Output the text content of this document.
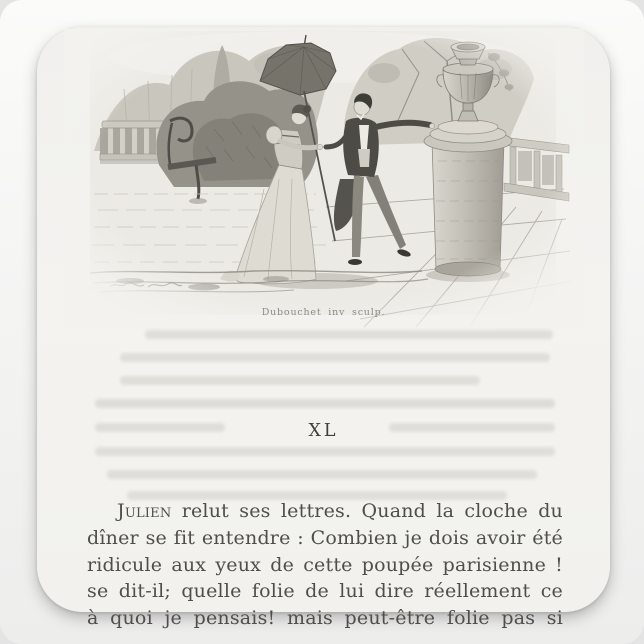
Dubouchet inv sculp.
XL
Julien relut ses lettres. Quand la cloche du
dîner se fit entendre : Combien je dois avoir été
ridicule aux yeux de cette poupée parisienne !
se dit-il; quelle folie de lui dire réellement ce
à quoi je pensais! mais peut-être folie pas si
